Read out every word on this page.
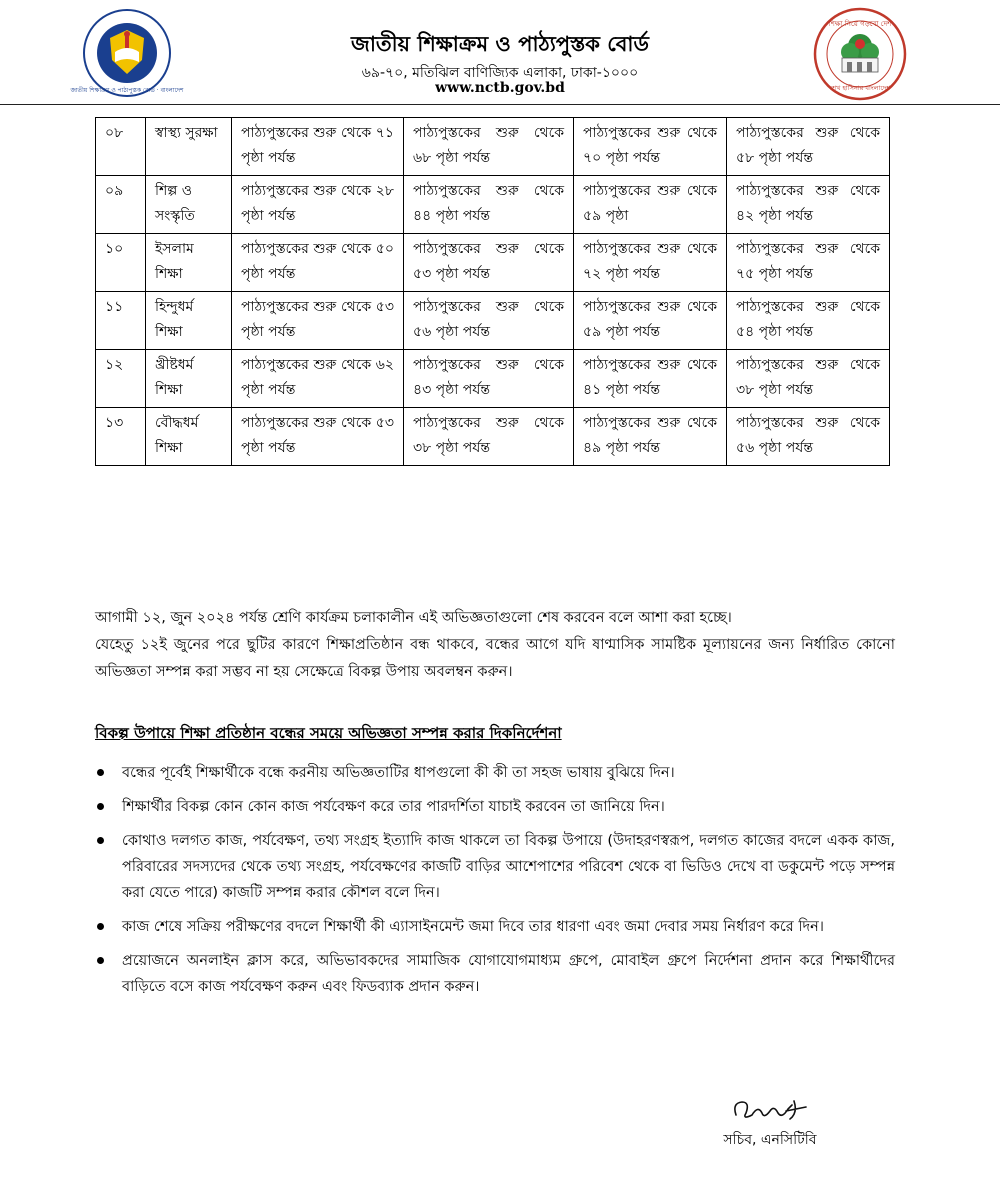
জাতীয় শিক্ষাক্রম ও পাঠ্যপুস্তক বোর্ড · বাংলাদেশ
জাতীয় শিক্ষাক্রম ও পাঠ্যপুস্তক বোর্ড
৬৯-৭০, মতিঝিল বাণিজ্যিক এলাকা, ঢাকা-১০০০
www.nctb.gov.bd
শিক্ষা নিয়ে গড়বো দেশ
শেখ হাসিনার বাংলাদেশ
০৮	স্বাস্থ্য সুরক্ষা	পাঠ্যপুস্তকের শুরু থেকে ৭১ পৃষ্ঠা পর্যন্ত	পাঠ্যপুস্তকের শুরু থেকে ৬৮ পৃষ্ঠা পর্যন্ত	পাঠ্যপুস্তকের শুরু থেকে ৭০ পৃষ্ঠা পর্যন্ত	পাঠ্যপুস্তকের শুরু থেকে ৫৮ পৃষ্ঠা পর্যন্ত
০৯	শিল্প ও সংস্কৃতি	পাঠ্যপুস্তকের শুরু থেকে ২৮ পৃষ্ঠা পর্যন্ত	পাঠ্যপুস্তকের শুরু থেকে ৪৪ পৃষ্ঠা পর্যন্ত	পাঠ্যপুস্তকের শুরু থেকে ৫৯ পৃষ্ঠা	পাঠ্যপুস্তকের শুরু থেকে ৪২ পৃষ্ঠা পর্যন্ত
১০	ইসলাম শিক্ষা	পাঠ্যপুস্তকের শুরু থেকে ৫০ পৃষ্ঠা পর্যন্ত	পাঠ্যপুস্তকের শুরু থেকে ৫৩ পৃষ্ঠা পর্যন্ত	পাঠ্যপুস্তকের শুরু থেকে ৭২ পৃষ্ঠা পর্যন্ত	পাঠ্যপুস্তকের শুরু থেকে ৭৫ পৃষ্ঠা পর্যন্ত
১১	হিন্দুধর্ম শিক্ষা	পাঠ্যপুস্তকের শুরু থেকে ৫৩ পৃষ্ঠা পর্যন্ত	পাঠ্যপুস্তকের শুরু থেকে ৫৬ পৃষ্ঠা পর্যন্ত	পাঠ্যপুস্তকের শুরু থেকে ৫৯ পৃষ্ঠা পর্যন্ত	পাঠ্যপুস্তকের শুরু থেকে ৫৪ পৃষ্ঠা পর্যন্ত
১২	খ্রীষ্টধর্ম শিক্ষা	পাঠ্যপুস্তকের শুরু থেকে ৬২ পৃষ্ঠা পর্যন্ত	পাঠ্যপুস্তকের শুরু থেকে ৪৩ পৃষ্ঠা পর্যন্ত	পাঠ্যপুস্তকের শুরু থেকে ৪১ পৃষ্ঠা পর্যন্ত	পাঠ্যপুস্তকের শুরু থেকে ৩৮ পৃষ্ঠা পর্যন্ত
১৩	বৌদ্ধধর্ম শিক্ষা	পাঠ্যপুস্তকের শুরু থেকে ৫৩ পৃষ্ঠা পর্যন্ত	পাঠ্যপুস্তকের শুরু থেকে ৩৮ পৃষ্ঠা পর্যন্ত	পাঠ্যপুস্তকের শুরু থেকে ৪৯ পৃষ্ঠা পর্যন্ত	পাঠ্যপুস্তকের শুরু থেকে ৫৬ পৃষ্ঠা পর্যন্ত

আগামী ১২, জুন ২০২৪ পর্যন্ত শ্রেণি কার্যক্রম চলাকালীন এই অভিজ্ঞতাগুলো শেষ করবেন বলে আশা করা হচ্ছে।

যেহেতু ১২ই জুনের পরে ছুটির কারণে শিক্ষাপ্রতিষ্ঠান বন্ধ থাকবে, বন্ধের আগে যদি ষাণ্মাসিক সামষ্টিক মূল্যায়নের জন্য নির্ধারিত কোনো অভিজ্ঞতা সম্পন্ন করা সম্ভব না হয় সেক্ষেত্রে বিকল্প উপায় অবলম্বন করুন।

বিকল্প উপায়ে শিক্ষা প্রতিষ্ঠান বন্ধের সময়ে অভিজ্ঞতা সম্পন্ন করার দিকনির্দেশনা
বন্ধের পূর্বেই শিক্ষার্থীকে বন্ধে করনীয় অভিজ্ঞতাটির ধাপগুলো কী কী তা সহজ ভাষায় বুঝিয়ে দিন।
শিক্ষার্থীর বিকল্প কোন কোন কাজ পর্যবেক্ষণ করে তার পারদর্শিতা যাচাই করবেন তা জানিয়ে দিন।
কোথাও দলগত কাজ, পর্যবেক্ষণ, তথ্য সংগ্রহ ইত্যাদি কাজ থাকলে তা বিকল্প উপায়ে (উদাহরণস্বরূপ, দলগত কাজের বদলে একক কাজ, পরিবারের সদস্যদের থেকে তথ্য সংগ্রহ, পর্যবেক্ষণের কাজটি বাড়ির আশেপাশের পরিবেশ থেকে বা ভিডিও দেখে বা ডকুমেন্ট পড়ে সম্পন্ন করা যেতে পারে) কাজটি সম্পন্ন করার কৌশল বলে দিন।
কাজ শেষে সক্রিয় পরীক্ষণের বদলে শিক্ষার্থী কী এ্যাসাইনমেন্ট জমা দিবে তার ধারণা এবং জমা দেবার সময় নির্ধারণ করে দিন।
প্রয়োজনে অনলাইন ক্লাস করে, অভিভাবকদের সামাজিক যোগাযোগমাধ্যম গ্রুপে, মোবাইল গ্রুপে নির্দেশনা প্রদান করে শিক্ষার্থীদের বাড়িতে বসে কাজ পর্যবেক্ষণ করুন এবং ফিডব্যাক প্রদান করুন।
সচিব, এনসিটিবি
